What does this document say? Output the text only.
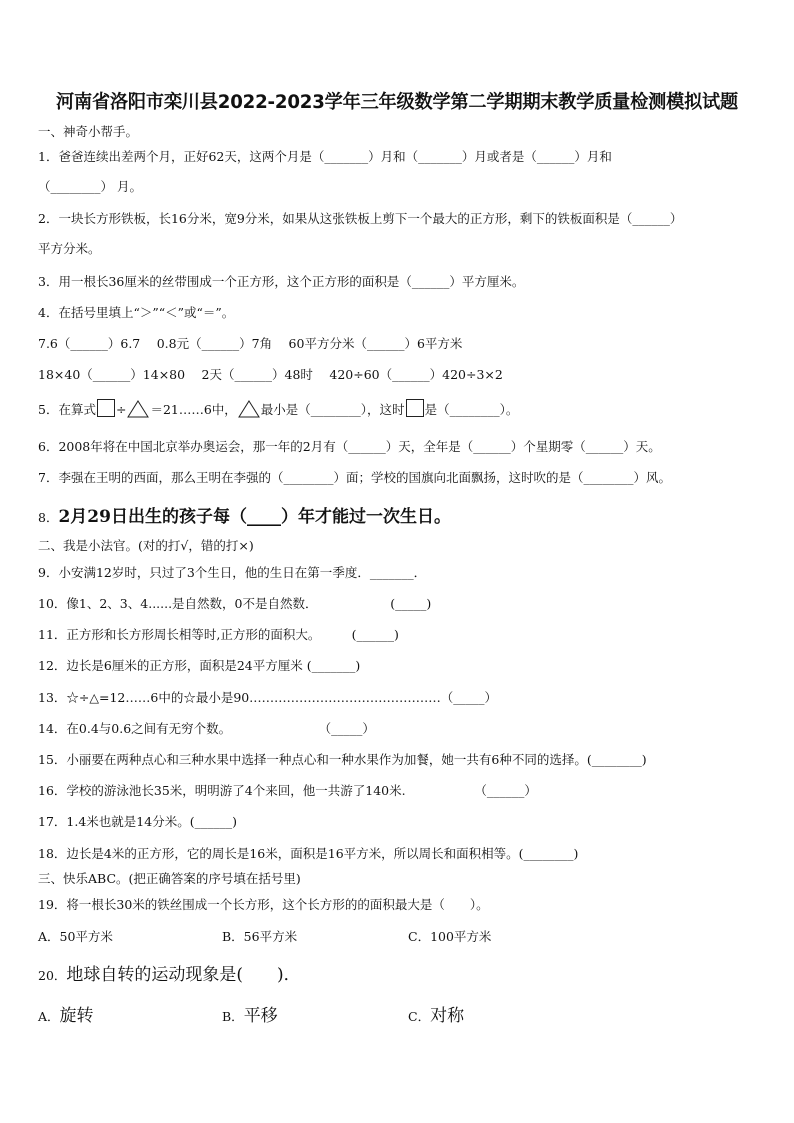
河南省洛阳市栾川县2022-2023学年三年级数学第二学期期末教学质量检测模拟试题
一、神奇小帮手。
1．爸爸连续出差两个月，正好62天，这两个月是（_______）月和（_______）月或者是（______）月和
（________） 月。
2．一块长方形铁板，长16分米，宽9分米，如果从这张铁板上剪下一个最大的正方形，剩下的铁板面积是（______）
平方分米。
3．用一根长36厘米的丝带围成一个正方形，这个正方形的面积是（______）平方厘米。
4．在括号里填上“＞”“＜”或“＝”。
7.6（______）6.7　 0.8元（______）7角　 60平方分米（______）6平方米
18×40（______）14×80　 2天（______）48时　 420÷60（______）420÷3×2
5．在算式 ÷ ＝21……6中， 最小是（________），这时 是（________）。
6．2008年将在中国北京举办奥运会，那一年的2月有（______）天，全年是（______）个星期零（______）天。
7．李强在王明的西面，那么王明在李强的（________）面；学校的国旗向北面飘扬，这时吹的是（________）风。
8．2月29日出生的孩子每（____）年才能过一次生日。
二、我是小法官。(对的打√，错的打×)
9．小安满12岁时，只过了3个生日，他的生日在第一季度．_______．
10．像1、2、3、4......是自然数，0不是自然数．　　　　　　 (_____)
11．正方形和长方形周长相等时,正方形的面积大。　　　(______)
12．边长是6厘米的正方形，面积是24平方厘米 (_______)
13．☆÷△=12……6中的☆最小是90.………………………………………（_____）
14．在0.4与0.6之间有无穷个数。　　　　　　　　（_____）
15．小丽要在两种点心和三种水果中选择一种点心和一种水果作为加餐，她一共有6种不同的选择。(________)
16．学校的游泳池长35米，明明游了4个来回，他一共游了140米.　　　　　　（______）
17．1.4米也就是14分米。(______)
18．边长是4米的正方形，它的周长是16米，面积是16平方米，所以周长和面积相等。(________)
三、快乐ABC。(把正确答案的序号填在括号里)
19．将一根长30米的铁丝围成一个长方形，这个长方形的的面积最大是（　　）。
A．50平方米	B．56平方米	C．100平方米
20．地球自转的运动现象是(　　)．
A．旋转	B．平移	C．对称
